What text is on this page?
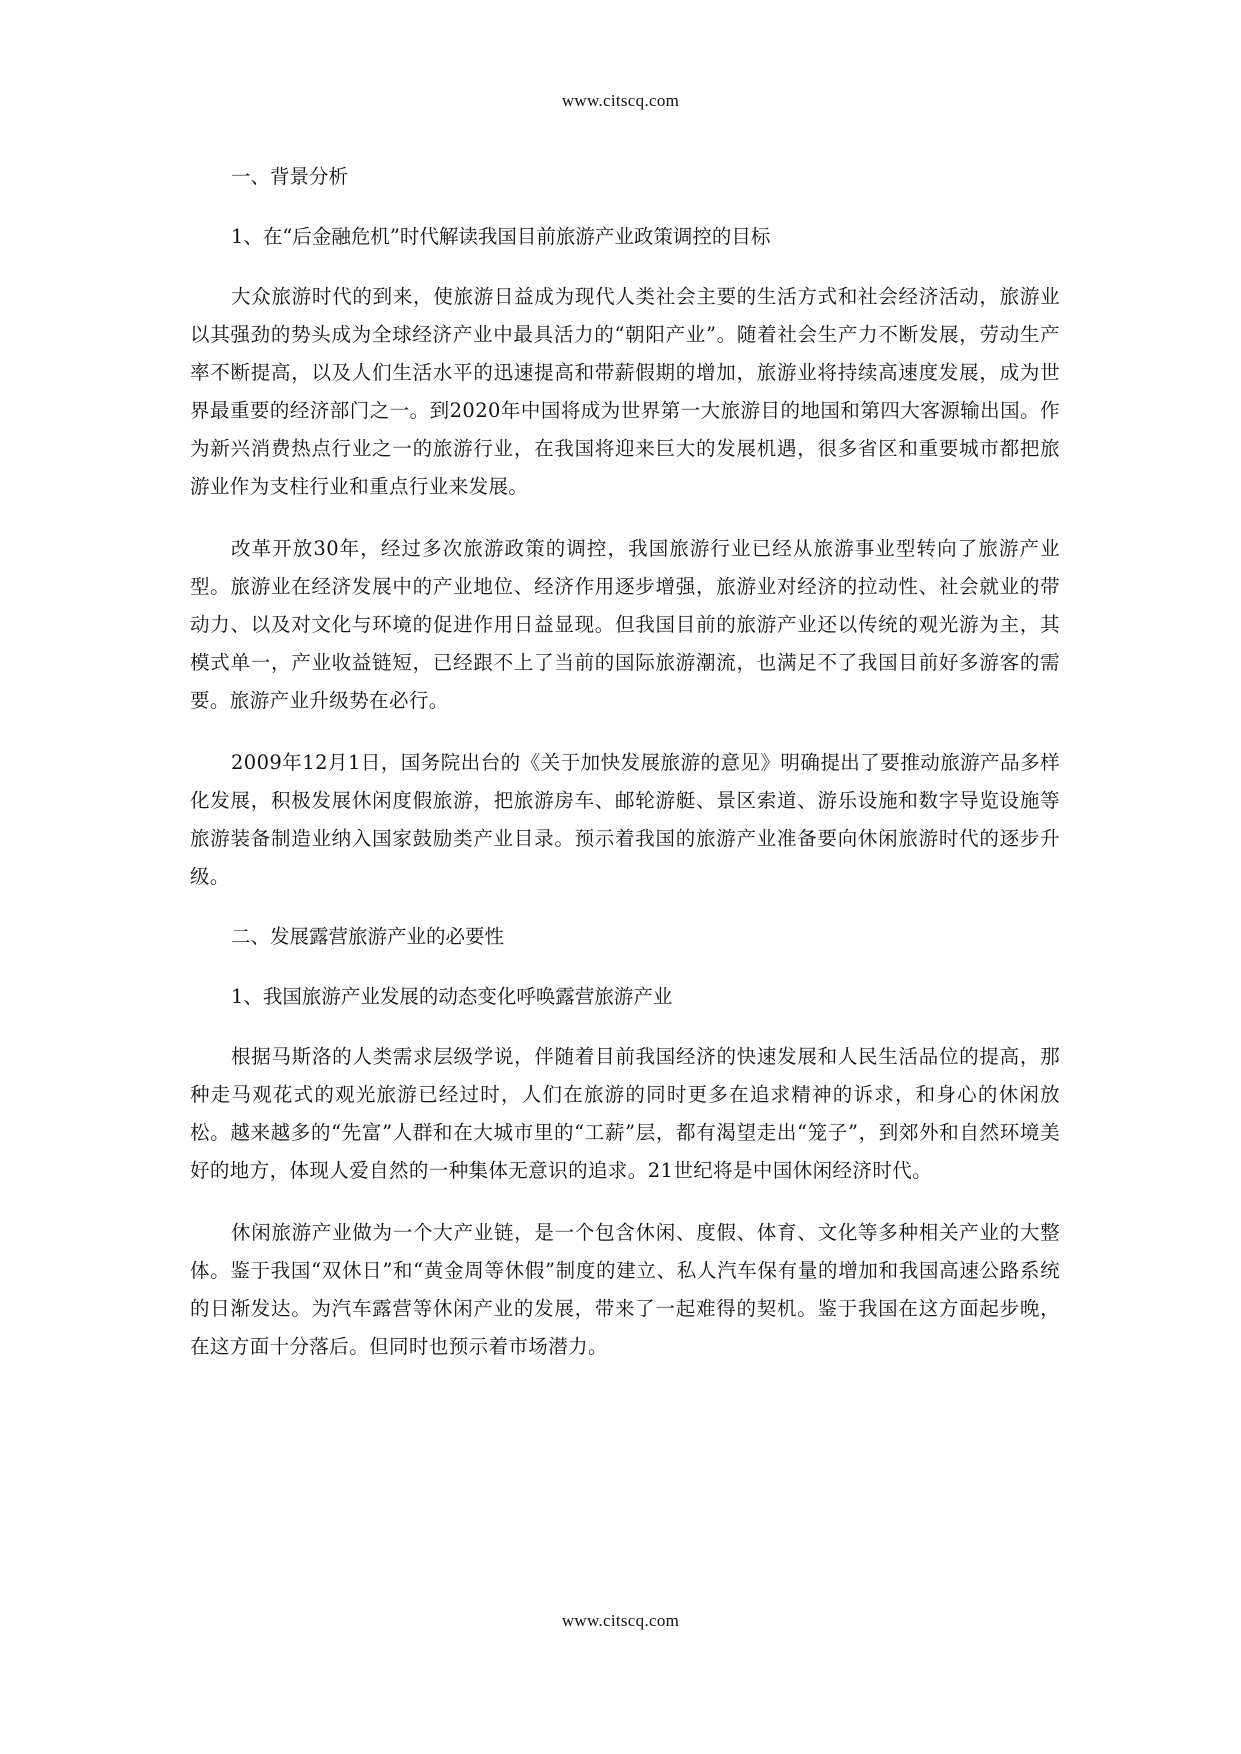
www.citscq.com

一、背景分析

1、在“后金融危机”时代解读我国目前旅游产业政策调控的目标

大众旅游时代的到来，使旅游日益成为现代人类社会主要的生活方式和社会经济活动，旅游业以其强劲的势头成为全球经济产业中最具活力的“朝阳产业”。随着社会生产力不断发展，劳动生产率不断提高，以及人们生活水平的迅速提高和带薪假期的增加，旅游业将持续高速度发展，成为世界最重要的经济部门之一。到2020年中国将成为世界第一大旅游目的地国和第四大客源输出国。作为新兴消费热点行业之一的旅游行业，在我国将迎来巨大的发展机遇，很多省区和重要城市都把旅游业作为支柱行业和重点行业来发展。

改革开放30年，经过多次旅游政策的调控，我国旅游行业已经从旅游事业型转向了旅游产业型。旅游业在经济发展中的产业地位、经济作用逐步增强，旅游业对经济的拉动性、社会就业的带动力、以及对文化与环境的促进作用日益显现。但我国目前的旅游产业还以传统的观光游为主，其模式单一，产业收益链短，已经跟不上了当前的国际旅游潮流，也满足不了我国目前好多游客的需要。旅游产业升级势在必行。

2009年12月1日，国务院出台的《关于加快发展旅游的意见》明确提出了要推动旅游产品多样化发展，积极发展休闲度假旅游，把旅游房车、邮轮游艇、景区索道、游乐设施和数字导览设施等旅游装备制造业纳入国家鼓励类产业目录。预示着我国的旅游产业准备要向休闲旅游时代的逐步升级。

二、发展露营旅游产业的必要性

1、我国旅游产业发展的动态变化呼唤露营旅游产业

根据马斯洛的人类需求层级学说，伴随着目前我国经济的快速发展和人民生活品位的提高，那种走马观花式的观光旅游已经过时，人们在旅游的同时更多在追求精神的诉求，和身心的休闲放松。越来越多的“先富”人群和在大城市里的“工薪”层，都有渴望走出“笼子”，到郊外和自然环境美好的地方，体现人爱自然的一种集体无意识的追求。21世纪将是中国休闲经济时代。

休闲旅游产业做为一个大产业链，是一个包含休闲、度假、体育、文化等多种相关产业的大整体。鉴于我国“双休日”和“黄金周等休假”制度的建立、私人汽车保有量的增加和我国高速公路系统的日渐发达。为汽车露营等休闲产业的发展，带来了一起难得的契机。鉴于我国在这方面起步晚，在这方面十分落后。但同时也预示着市场潜力。

www.citscq.com
